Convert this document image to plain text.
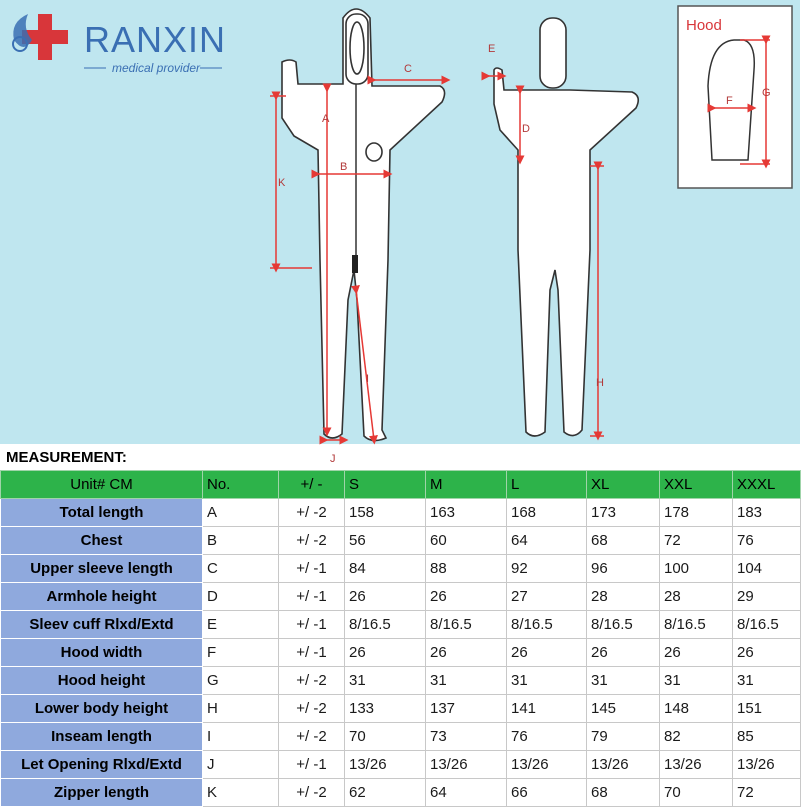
RANXIN
medical provider
A
B
C
D
E
H
I
J
K
Hood
F
G
MEASUREMENT:
Unit# CM	No.	+/ -	S	M	L	XL	XXL	XXXL
Total length	A	+/ -2	158	163	168	173	178	183
Chest	B	+/ -2	56	60	64	68	72	76
Upper sleeve length	C	+/ -1	84	88	92	96	100	104
Armhole height	D	+/ -1	26	26	27	28	28	29
Sleev cuff Rlxd/Extd	E	+/ -1	8/16.5	8/16.5	8/16.5	8/16.5	8/16.5	8/16.5
Hood width	F	+/ -1	26	26	26	26	26	26
Hood height	G	+/ -2	31	31	31	31	31	31
Lower body height	H	+/ -2	133	137	141	145	148	151
Inseam length	I	+/ -2	70	73	76	79	82	85
Let Opening Rlxd/Extd	J	+/ -1	13/26	13/26	13/26	13/26	13/26	13/26
Zipper length	K	+/ -2	62	64	66	68	70	72
